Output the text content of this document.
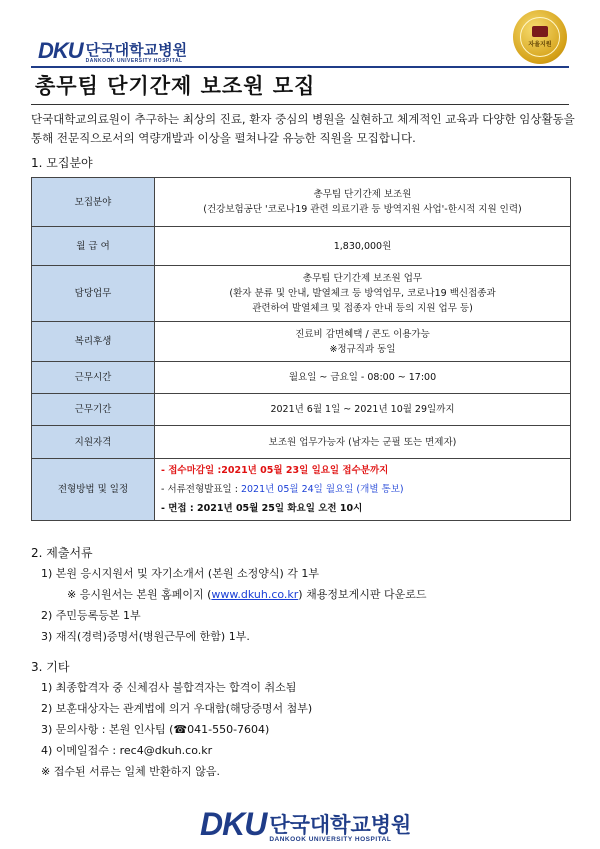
DKU 단국대학교병원
DANKOOK UNIVERSITY HOSPITAL
자율지원
총무팀 단기간제 보조원 모집

단국대학교의료원이 추구하는 최상의 진료, 환자 중심의 병원을 실현하고 체계적인 교육과 다양한 임상활동을 통해 전문직으로서의 역량개발과 이상을 펼쳐나갈 유능한 직원을 모집합니다.

1. 모집분야

모집분야	총무팀 단기간제 보조원
(건강보험공단 '코로나19 관련 의료기관 등 방역지원 사업'-한시적 지원 인력)

월 급 여	1,830,000원
담당업무	총무팀 단기간제 보조원 업무
(환자 분류 및 안내, 발열체크 등 방역업무, 코로나19 백신접종과
관련하여 발열체크 및 접종자 안내 등의 지원 업무 등)

복리후생	진료비 감면혜택 / 콘도 이용가능
※정규직과 동일

근무시간	월요일 ~ 금요일 - 08:00 ~ 17:00
근무기간	2021년 6월 1일 ~ 2021년 10월 29일까지
지원자격	보조원 업무가능자 (남자는 군필 또는 면제자)
전형방법 및 일정	- 접수마감일 :2021년 05월 23일 일요일 접수분까지
- 서류전형발표일 : 2021년 05월 24일 월요일 (개별 통보)
- 면접 : 2021년 05월 25일 화요일 오전 10시

2. 제출서류

1) 본원 응시지원서 및 자기소개서 (본원 소정양식) 각 1부
※ 응시원서는 본원 홈페이지 (www.dkuh.co.kr) 채용정보게시판 다운로드
2) 주민등록등본 1부
3) 재직(경력)증명서(병원근무에 한함) 1부.

3. 기타

1) 최종합격자 중 신체검사 불합격자는 합격이 취소됨
2) 보훈대상자는 관계법에 의거 우대함(해당증명서 첨부)
3) 문의사항 : 본원 인사팀 (☎041-550-7604)
4) 이메일접수 : rec4@dkuh.co.kr
※ 접수된 서류는 일체 반환하지 않음.
DKU 단국대학교병원
DANKOOK UNIVERSITY HOSPITAL
